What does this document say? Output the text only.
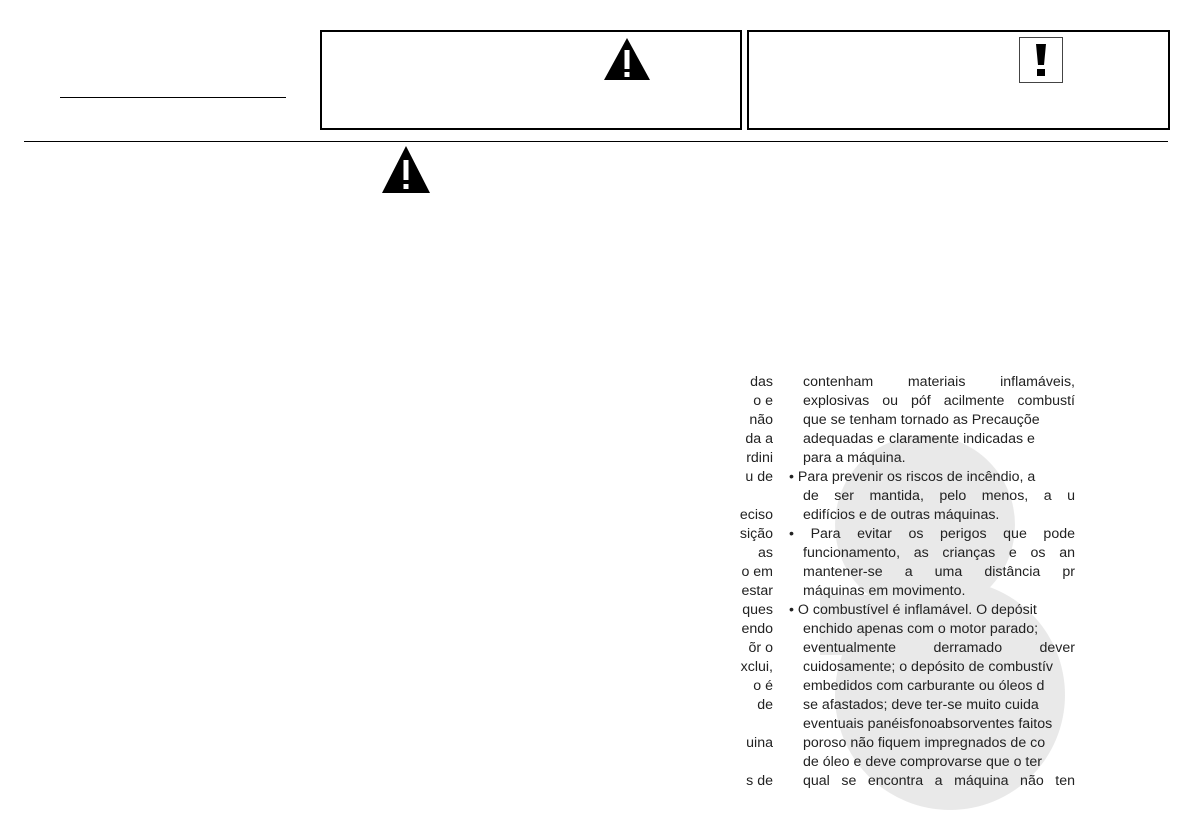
das
o e
não
da a
rdini
u de
eciso
sição
as
o em
estar
ques
endo
õr o
xclui,
o é
de
uina
s de
contenham materiais inflamáveis,
explosivas ou póf acilmente combustí
que se tenham tornado as Precauçõe
adequadas e claramente indicadas e
para a máquina.
• Para prevenir os riscos de incêndio, a
de ser mantida, pelo menos, a u
edifícios e de outras máquinas.
• Para evitar os perigos que pode
funcionamento, as crianças e os an
mantener-se a uma distância pr
máquinas em movimento.
• O combustível é inflamável. O depósit
enchido apenas com o motor parado;
eventualmente derramado dever
cuidosamente; o depósito de combustív
embedidos com carburante ou óleos d
se afastados; deve ter-se muito cuida
eventuais panéisfonoabsorventes faitos
poroso não fiquem impregnados de co
de óleo e deve comprovarse que o ter
qual se encontra a máquina não ten
